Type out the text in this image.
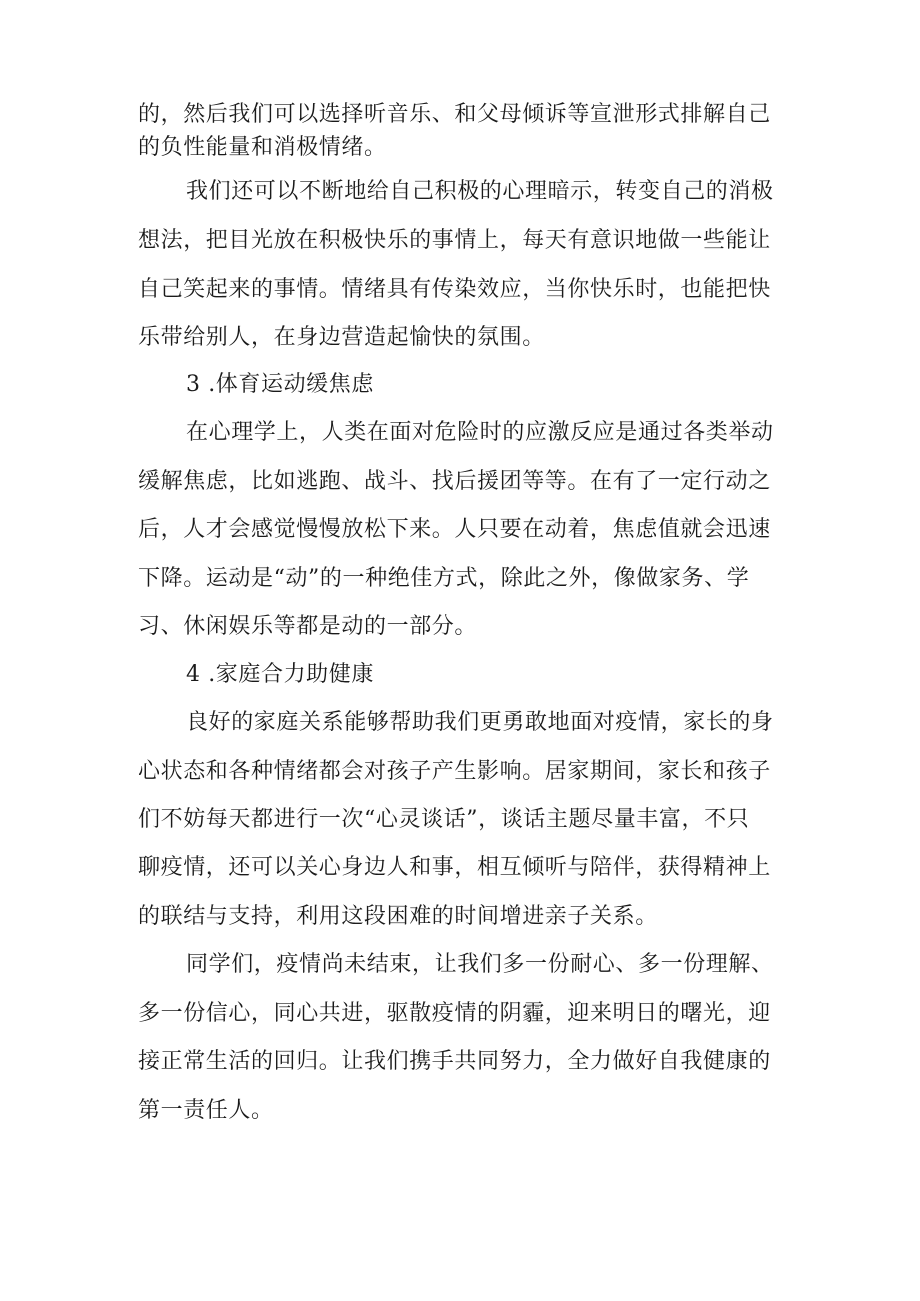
的，然后我们可以选择听音乐、和父母倾诉等宣泄形式排解自己
的负性能量和消极情绪。
我们还可以不断地给自己积极的心理暗示，转变自己的消极
想法，把目光放在积极快乐的事情上，每天有意识地做一些能让
自己笑起来的事情。情绪具有传染效应，当你快乐时，也能把快
乐带给别人，在身边营造起愉快的氛围。
3 .体育运动缓焦虑
在心理学上，人类在面对危险时的应激反应是通过各类举动
缓解焦虑，比如逃跑、战斗、找后援团等等。在有了一定行动之
后，人才会感觉慢慢放松下来。人只要在动着，焦虑值就会迅速
下降。运动是“动”的一种绝佳方式，除此之外，像做家务、学
习、休闲娱乐等都是动的一部分。
4 .家庭合力助健康
良好的家庭关系能够帮助我们更勇敢地面对疫情，家长的身
心状态和各种情绪都会对孩子产生影响。居家期间，家长和孩子
们不妨每天都进行一次“心灵谈话”，谈话主题尽量丰富，不只
聊疫情，还可以关心身边人和事，相互倾听与陪伴，获得精神上
的联结与支持，利用这段困难的时间增进亲子关系。
同学们，疫情尚未结束，让我们多一份耐心、多一份理解、
多一份信心，同心共进，驱散疫情的阴霾，迎来明日的曙光，迎
接正常生活的回归。让我们携手共同努力，全力做好自我健康的
第一责任人。
